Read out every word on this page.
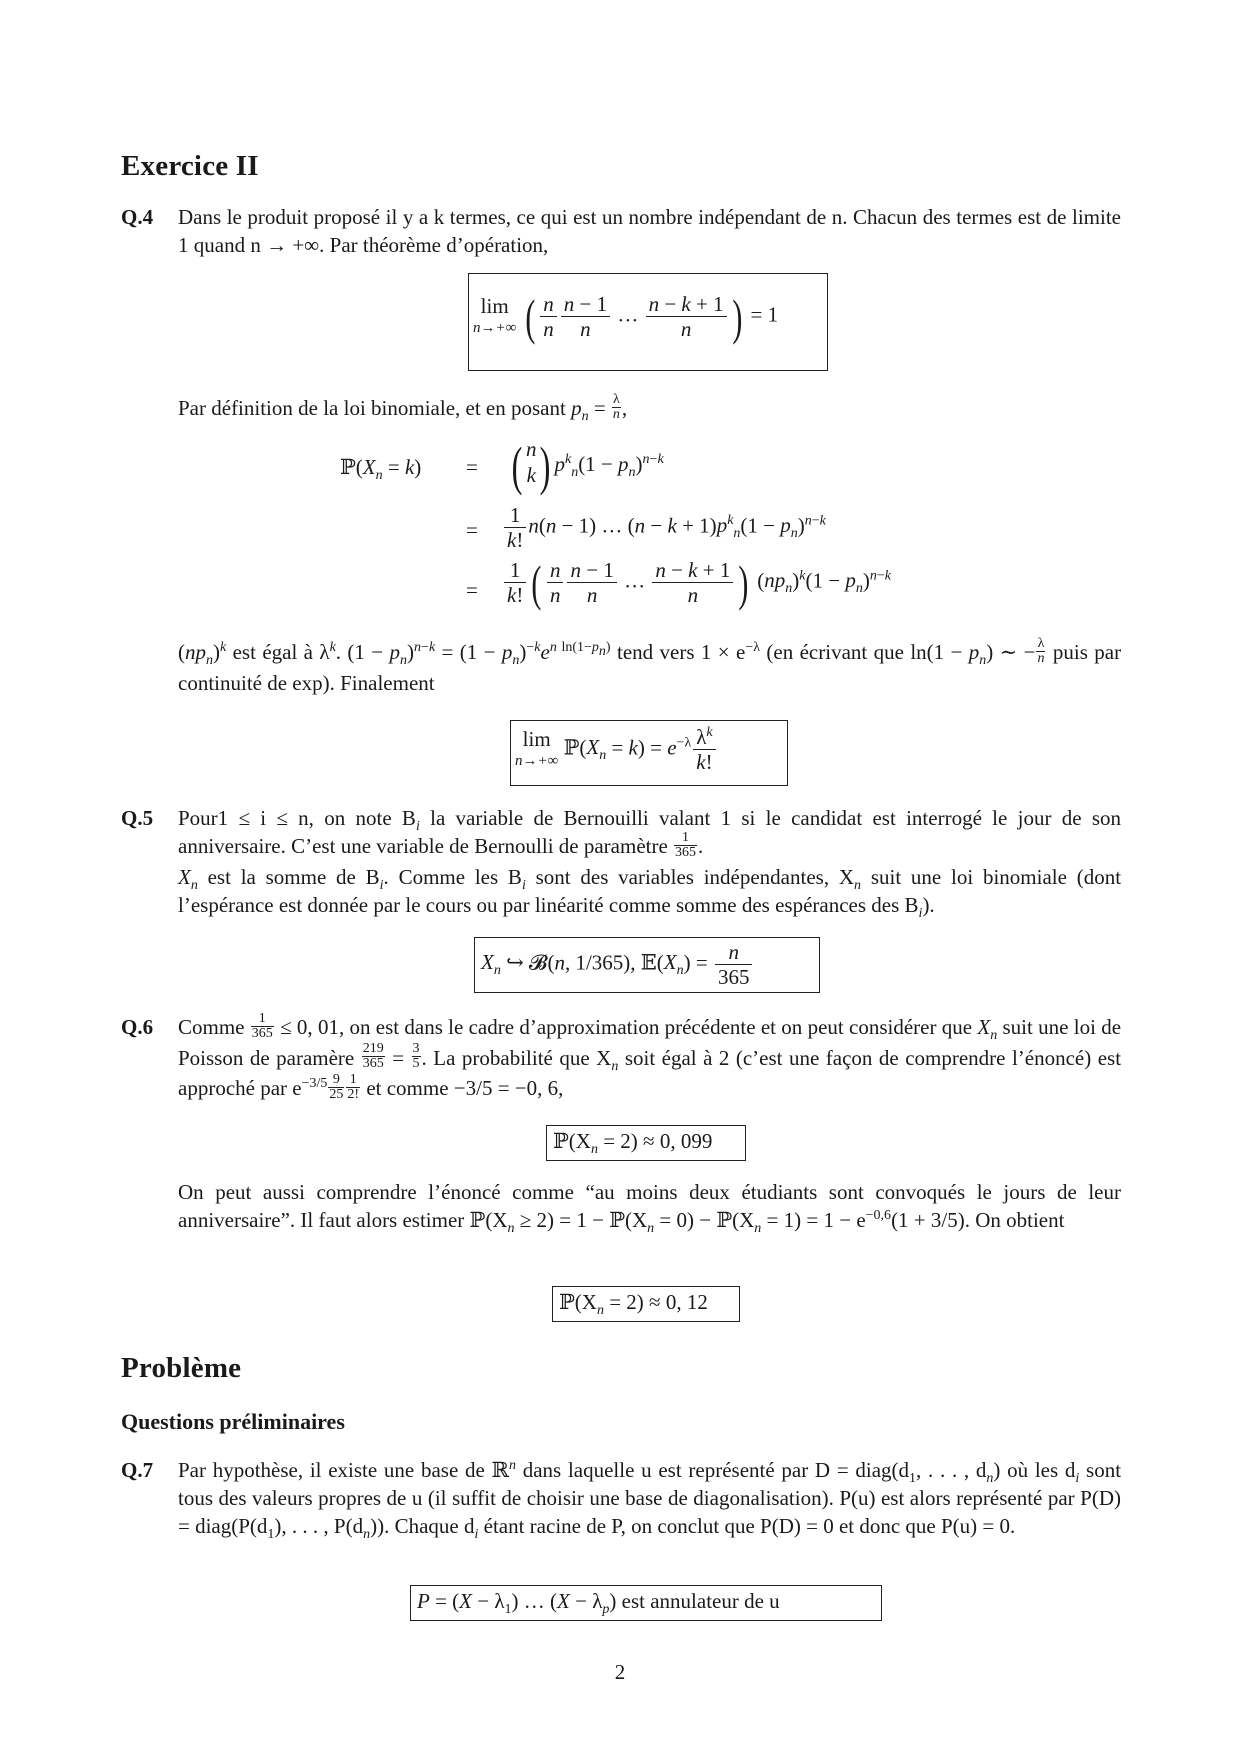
Exercice II
Q.4 Dans le produit proposé il y a k termes, ce qui est un nombre indépendant de n. Chacun des termes est de limite 1 quand n → +∞. Par théorème d’opération,
lim
n→+∞ ( $\frac{n}{n} \frac{n - 1}{n}$ … $\frac{n - k + 1}{n}$ ) = 1
Par définition de la loi binomiale, et en posant $p_n = \frac{\lambda}{n}$ ,
$ℙ(X_n = k)$ = ( n
k) $p^k_n(1 - p_n)^{n-k}$
= $\frac{1}{k!} n(n - 1)$ … $(n - k + 1)p^k_n(1 - p_n)^{n-k}$
= $\frac{1}{k!}$ ( $\frac{n}{n} \frac{n - 1}{n}$ … $\frac{n - k + 1}{n}$ ) $(np_n)^k(1 - p_n)^{n-k}$
$(np_n)^k$ est égal à $\lambda^k$. $(1 - p_n)^{n-k} = (1 - p_n)^{-k}e^{n ln(1-p_n)}$ tend vers $1 \times e^{-\lambda}$ (en écrivant que $\ln(1 - p_n)$ ∼ − $\frac{\lambda}{n}$ puis par continuité de exp). Finalement
lim
n→+∞
$ℙ(X_n = k) = e^{-\lambda} \frac{\lambda^k}{k!}$
Q.5 Pour1 ≤ i ≤ n, on note $B_i$ la variable de Bernouilli valant 1 si le candidat est interrogé le jour de son anniversaire. C’est une variable de Bernoulli de paramètre $\frac{1}{365}$ .
$X_n$ est la somme de $B_i$. Comme les $B_i$ sont des variables indépendantes, $X_n$ suit une loi binomiale (dont l’espérance est donnée par le cours ou par linéarité comme somme des espérances des $B_i$).
$X_n$ ↪ 𝓑(n, 1/365), $𝔼(X_n) = \frac{n}{365}$
Q.6 Comme $\frac{1}{365} \le 0$, 01, on est dans le cadre d’approximation précédente et on peut considérer que $X_n$ suit une loi de Poisson de paramère $\frac{219}{365} = \frac{3}{5}$ . La probabilité que $X_n$ soit égal à 2 (c’est une façon de comprendre l’énoncé) est approché par $e^{-3/5} \frac{9}{25} \frac{1}{2!}$ et comme −3/5 = −0, 6,
$ℙ(X_n = 2) \approx 0$, 099
On peut aussi comprendre l’énoncé comme “au moins deux étudiants sont convoqués le jours de leur anniversaire”. Il faut alors estimer $ℙ(X_n \ge 2) = 1$ − $ℙ(X_n = 0)$ − $ℙ(X_n = 1) = 1 - e^{-0,6}(1 + 3/5)$. On obtient
$ℙ(X_n = 2) \approx 0$, 12
Problème
Questions préliminaires
Q.7 Par hypothèse, il existe une base de ℝ$^n$ dans laquelle u est représenté par $D = diag(d_1$, . . . , $d_n$) où les $d_i$ sont tous des valeurs propres de u (il suffit de choisir une base de diagonalisation). P(u) est alors représenté par $P(D) = diag(P(d_1)$, . . . , $P(d_n)$). Chaque $d_i$ étant racine de P, on conclut que P(D) = 0 et donc que P(u) = 0.
$P = (X - \lambda_1)$ … $(X - \lambda_p)$ est annulateur de u
2
